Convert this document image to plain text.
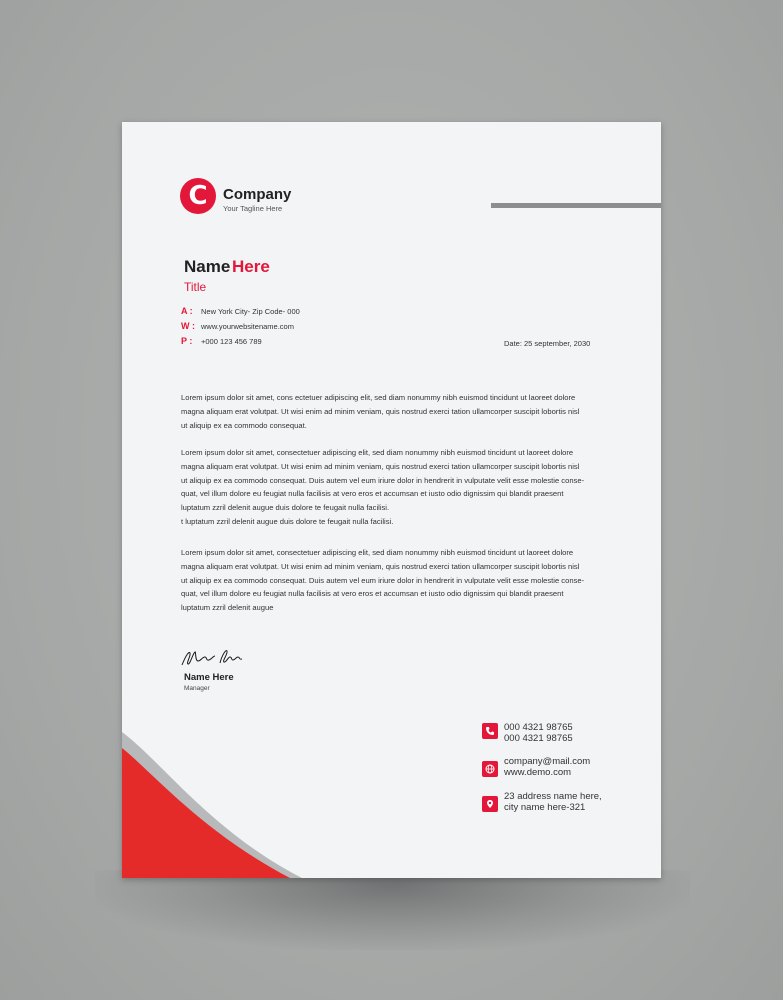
C Company
Your Tagline Here
Name Here
Title
A : New York City- Zip Code- 000
W : www.yourwebsitename.com
P : +000 123 456 789	Date: 25 september, 2030
Lorem ipsum dolor sit amet, cons ectetuer adipiscing elit, sed diam nonummy nibh euismod tincidunt ut laoreet dolore
magna aliquam erat volutpat. Ut wisi enim ad minim veniam, quis nostrud exerci tation ullamcorper suscipit lobortis nisl
ut aliquip ex ea commodo consequat.
Lorem ipsum dolor sit amet, consectetuer adipiscing elit, sed diam nonummy nibh euismod tincidunt ut laoreet dolore
magna aliquam erat volutpat. Ut wisi enim ad minim veniam, quis nostrud exerci tation ullamcorper suscipit lobortis nisl
ut aliquip ex ea commodo consequat. Duis autem vel eum iriure dolor in hendrerit in vulputate velit esse molestie conse-
quat, vel illum dolore eu feugiat nulla facilisis at vero eros et accumsan et iusto odio dignissim qui blandit praesent
luptatum zzril delenit augue duis dolore te feugait nulla facilisi.
t luptatum zzril delenit augue duis dolore te feugait nulla facilisi.
Lorem ipsum dolor sit amet, consectetuer adipiscing elit, sed diam nonummy nibh euismod tincidunt ut laoreet dolore
magna aliquam erat volutpat. Ut wisi enim ad minim veniam, quis nostrud exerci tation ullamcorper suscipit lobortis nisl
ut aliquip ex ea commodo consequat. Duis autem vel eum iriure dolor in hendrerit in vulputate velit esse molestie conse-
quat, vel illum dolore eu feugiat nulla facilisis at vero eros et accumsan et iusto odio dignissim qui blandit praesent
luptatum zzril delenit augue
Name Here
Manager
000 4321 98765
000 4321 98765
company@mail.com
www.demo.com
23 address name here,
city name here-321
